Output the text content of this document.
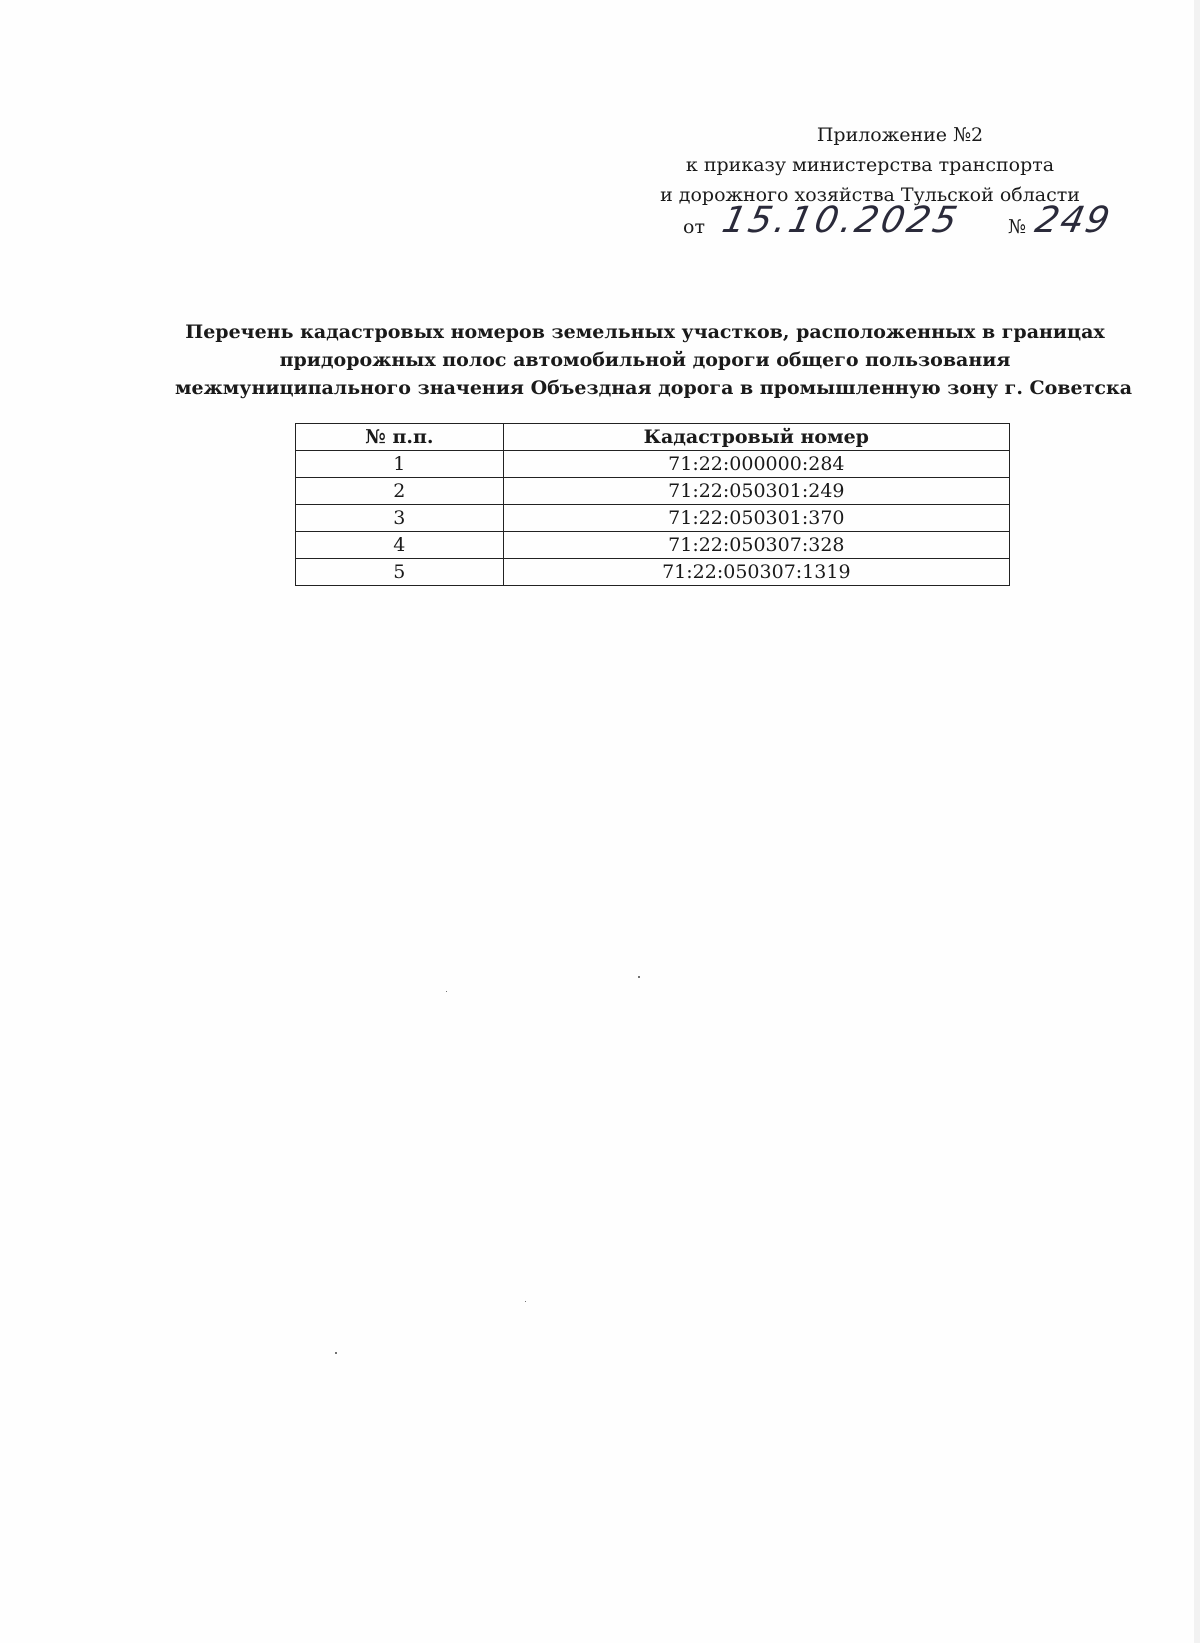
Приложение №2
к приказу министерства транспорта
и дорожного хозяйства Тульской области
от 15.10.2025 № 249
Перечень кадастровых номеров земельных участков, расположенных в границах
придорожных полос автомобильной дороги общего пользования
межмуниципального значения Объездная дорога в промышленную зону г. Советска
№ п.п.	Кадастровый номер
1	71:22:000000:284
2	71:22:050301:249
3	71:22:050301:370
4	71:22:050307:328
5	71:22:050307:1319
